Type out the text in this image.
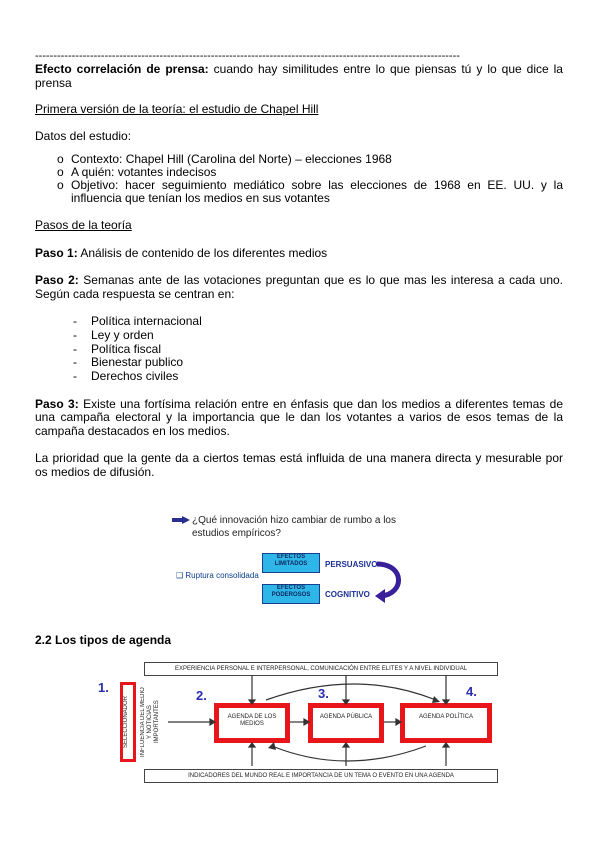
--------------------------------------------------------------------------------------------------------------------

Efecto correlación de prensa: cuando hay similitudes entre lo que piensas tú y lo que dice la prensa

Primera versión de la teoría: el estudio de Chapel Hill

Datos del estudio:

o Contexto: Chapel Hill (Carolina del Norte) – elecciones 1968
o A quién: votantes indecisos
o Objetivo: hacer seguimiento mediático sobre las elecciones de 1968 en EE. UU. y la influencia que tenían los medios en sus votantes

Pasos de la teoría

Paso 1: Análisis de contenido de los diferentes medios

Paso 2: Semanas ante de las votaciones preguntan que es lo que mas les interesa a cada uno. Según cada respuesta se centran en:

- Política internacional
- Ley y orden
- Política fiscal
- Bienestar publico
- Derechos civiles

Paso 3: Existe una fortísima relación entre en énfasis que dan los medios a diferentes temas de una campaña electoral y la importancia que le dan los votantes a varios de esos temas de la campaña destacados en los medios.

La prioridad que la gente da a ciertos temas está influida de una manera directa y mesurable por os medios de difusión.

¿Qué innovación hizo cambiar de rumbo a los estudios empíricos?
❑ Ruptura consolidada
EFECTOS LIMITADOS
EFECTOS PODEROSOS
PERSUASIVO
COGNITIVO
2.2 Los tipos de agenda
EXPERIENCIA PERSONAL E INTERPERSONAL, COMUNICACIÓN ENTRE ELITES Y A NIVEL INDIVIDUAL
INDICADORES DEL MUNDO REAL E IMPORTANCIA DE UN TEMA O EVENTO EN UNA AGENDA
1.
2.	3.	4.
SELECCIONADOR	INFLUENCIA DEL MEDIO Y NOTICIAS IMPORTANTES	AGENDA DE LOS MEDIOS
AGENDA PÚBLICA	AGENDA POLÍTICA
